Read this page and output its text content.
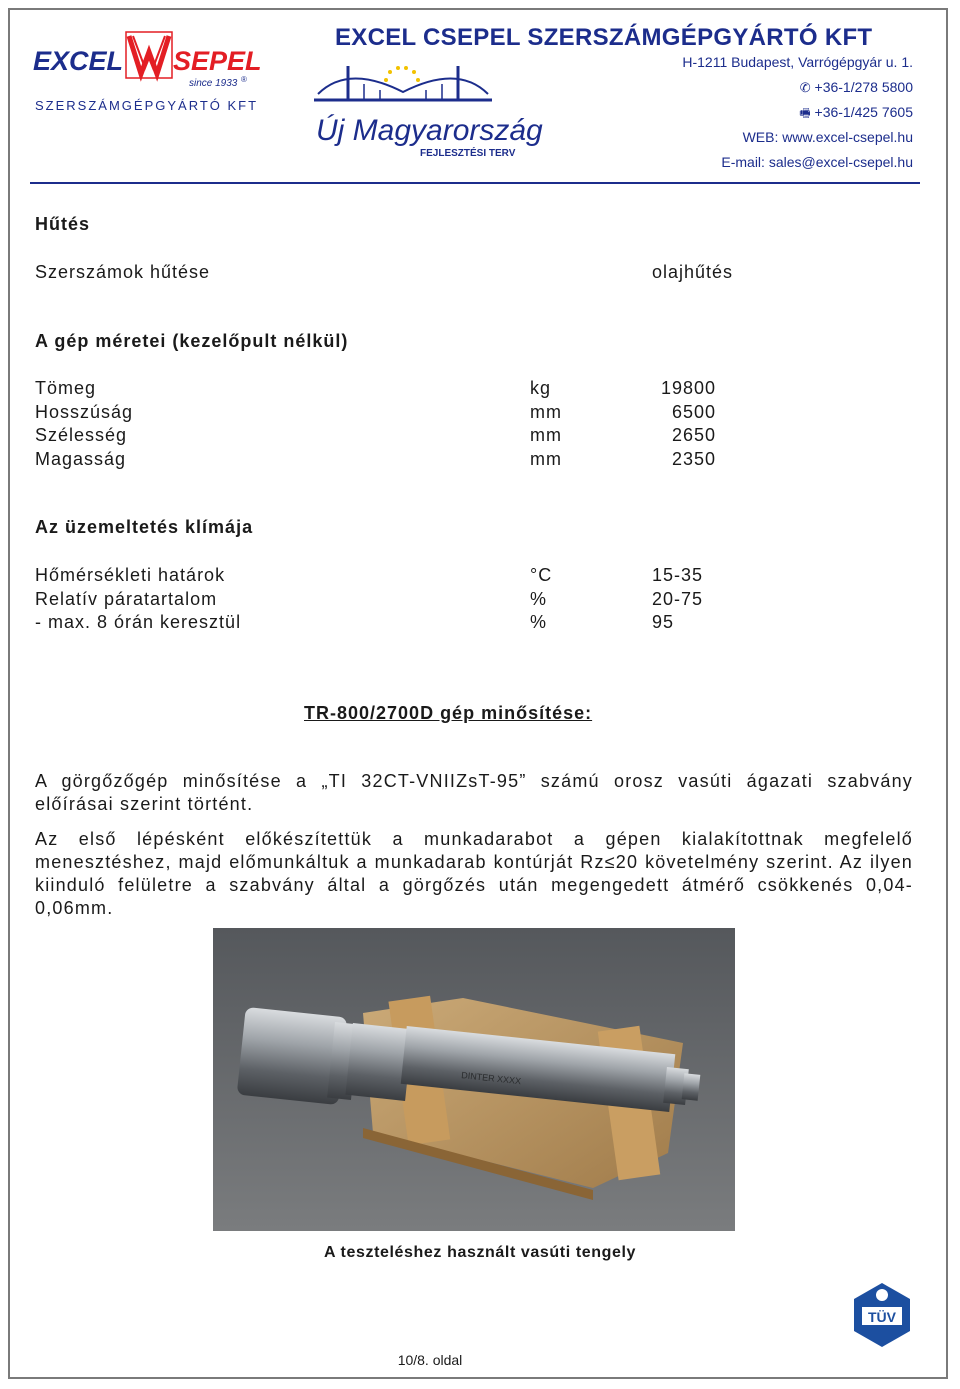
EXCEL SEPEL
since 1933 ®
SZERSZÁMGÉPGYÁRTÓ KFT
Új Magyarország
FEJLESZTÉSI TERV
EXCEL CSEPEL SZERSZÁMGÉPGYÁRTÓ KFT
H-1211 Budapest, Varrógépgyár u. 1.
✆ +36-1/278 5800
🖷 +36-1/425 7605
WEB: www.excel-csepel.hu
E-mail: sales@excel-csepel.hu
Hűtés
Szerszámok hűtése	olajhűtés
A gép méretei (kezelőpult nélkül)
Tömeg	kg	19800
Hosszúság	mm	6500
Szélesség	mm	2650
Magasság	mm	2350
Az üzemeltetés klímája
Hőmérsékleti határok	°C	15-35
Relatív páratartalom	%	20-75
- max. 8 órán keresztül	%	95
TR-800/2700D gép minősítése:
A görgőzőgép minősítése a „TI 32CT-VNIIZsT-95” számú orosz vasúti ágazati szabvány előírásai szerint történt.
Az első lépésként előkészítettük a munkadarabot a gépen kialakítottnak megfelelő menesztéshez, majd előmunkáltuk a munkadarab kontúrját Rz≤20 követelmény szerint. Az ilyen kiinduló felületre a szabvány által a görgőzés után megengedett átmérő csökkenés 0,04-0,06mm.
DINTER XXXX
A teszteléshez használt vasúti tengely
TÜV
10/8. oldal
